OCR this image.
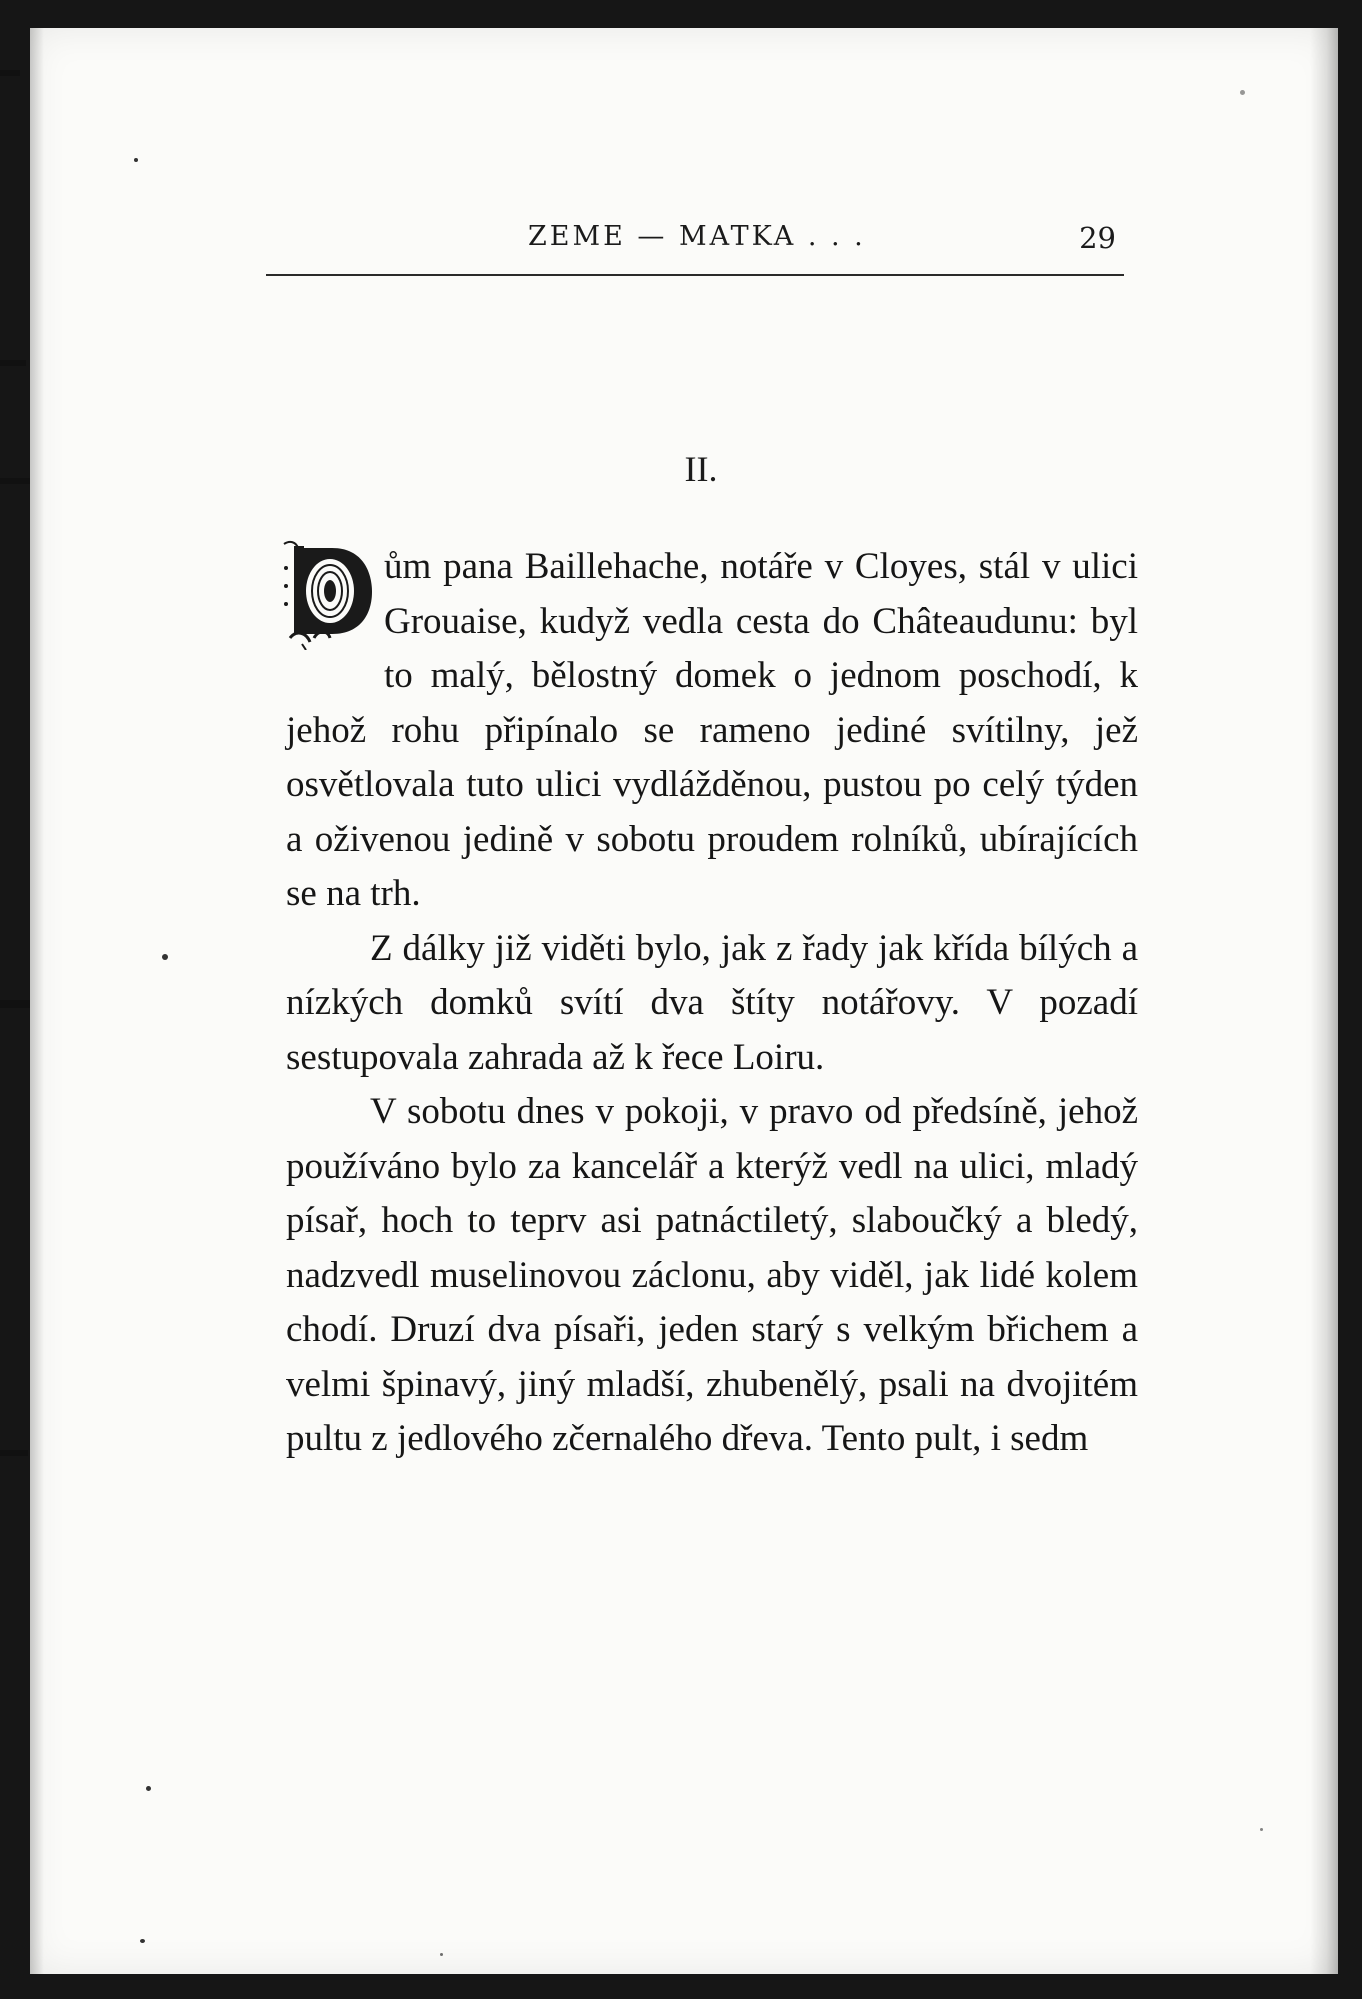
ZEME — MATKA . . .	29
II.

ům pana Baillehache, notáře v Cloyes, stál v ulici Grouaise, kudyž vedla cesta do Châteaudunu: byl to malý, bělostný domek o jednom poschodí, k jehož rohu připínalo se rameno jediné svítilny, jež osvětlovala tuto ulici vydlážděnou, pustou po celý týden a oživenou jedině v sobotu proudem rolníků, ubírajících se na trh.

Z dálky již viděti bylo, jak z řady jak křída bílých a nízkých domků svítí dva štíty notářovy. V pozadí sestupovala zahrada až k řece Loiru.

V sobotu dnes v pokoji, v pravo od předsíně, jehož používáno bylo za kancelář a kterýž vedl na ulici, mladý písař, hoch to teprv asi patnáctiletý, slaboučký a bledý, nadzvedl muselinovou záclonu, aby viděl, jak lidé kolem chodí. Druzí dva písaři, jeden starý s velkým břichem a velmi špinavý, jiný mladší, zhubenělý, psali na dvojitém pultu z jedlového zčernalého dřeva. Tento pult, i sedm
